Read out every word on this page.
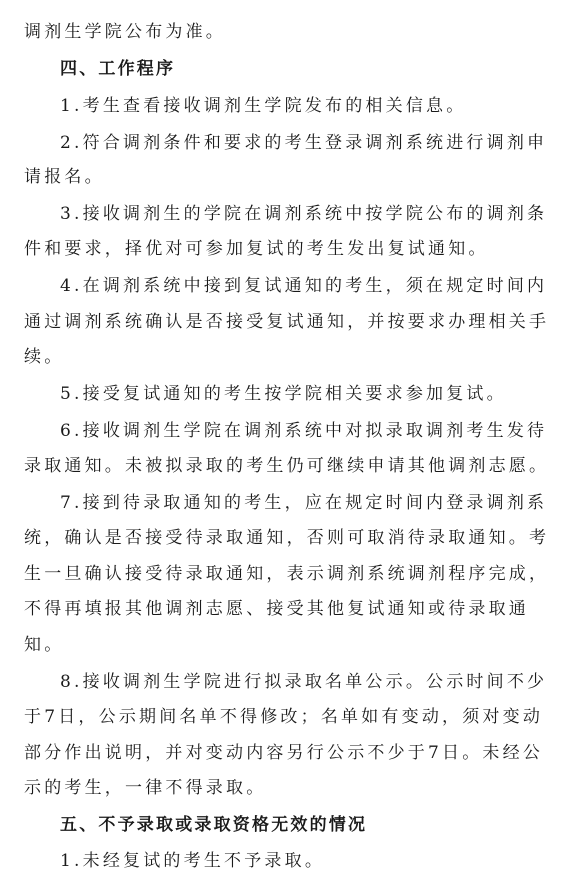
调剂生学院公布为准。
四、工作程序
1.考生查看接收调剂生学院发布的相关信息。
2.符合调剂条件和要求的考生登录调剂系统进行调剂申
请报名。
3.接收调剂生的学院在调剂系统中按学院公布的调剂条
件和要求，择优对可参加复试的考生发出复试通知。
4.在调剂系统中接到复试通知的考生，须在规定时间内
通过调剂系统确认是否接受复试通知，并按要求办理相关手
续。
5.接受复试通知的考生按学院相关要求参加复试。
6.接收调剂生学院在调剂系统中对拟录取调剂考生发待
录取通知。未被拟录取的考生仍可继续申请其他调剂志愿。
7.接到待录取通知的考生，应在规定时间内登录调剂系
统，确认是否接受待录取通知，否则可取消待录取通知。考
生一旦确认接受待录取通知，表示调剂系统调剂程序完成，
不得再填报其他调剂志愿、接受其他复试通知或待录取通
知。
8.接收调剂生学院进行拟录取名单公示。公示时间不少
于7日，公示期间名单不得修改；名单如有变动，须对变动
部分作出说明，并对变动内容另行公示不少于7日。未经公
示的考生，一律不得录取。
五、不予录取或录取资格无效的情况
1.未经复试的考生不予录取。
